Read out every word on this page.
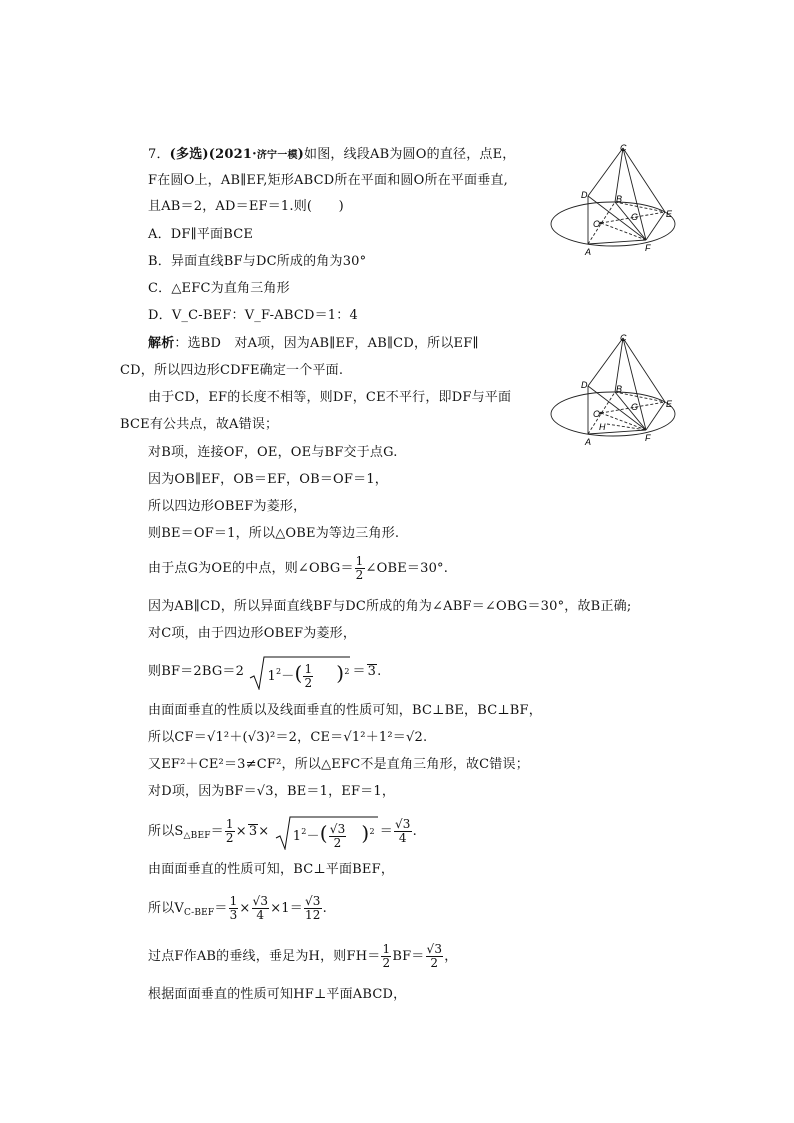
7．(多选)(2021·济宁一模)如图，线段AB为圆O的直径，点E，
F在圆O上，AB∥EF,矩形ABCD所在平面和圆O所在平面垂直,
且AB＝2，AD＝EF＝1.则(　　)
A．DF∥平面BCE
B．异面直线BF与DC所成的角为30°
C．△EFC为直角三角形
D．V_C-BEF：V_F-ABCD＝1：4
C
D	B
O
G	E
A	F
C
D	B
O
G	E
H
A	F
解析：选BD　对A项，因为AB∥EF，AB∥CD，所以EF∥
CD，所以四边形CDFE确定一个平面.
由于CD，EF的长度不相等，则DF，CE不平行，即DF与平面
BCE有公共点，故A错误；
对B项，连接OF，OE，OE与BF交于点G.
因为OB∥EF，OB＝EF，OB＝OF＝1，
所以四边形OBEF为菱形，
则BE＝OF＝1，所以△OBE为等边三角形.
由于点G为OE的中点，则∠OBG＝ $\frac{1}{2}$ ∠OBE＝30°.
因为AB∥CD，所以异面直线BF与DC所成的角为∠ABF＝∠OBG＝30°，故B正确;
对C项，由于四边形OBEF为菱形，
则BF＝2BG＝2 $1^2-( \frac{1}{2} )^2 = 3$.
由面面垂直的性质以及线面垂直的性质可知，BC⊥BE，BC⊥BF，
所以CF＝√1²＋(√3)²＝2，CE＝√1²＋1²＝√2.
又EF²＋CE²＝3≠CF²，所以△EFC不是直角三角形，故C错误；
对D项，因为BF＝√3，BE＝1，EF＝1，
所以$S_{\triangle BEF}= \frac{1}{2} \times 3\times 1^2-( \frac{√3}{2} )^2 = \frac{√3}{4}$ .
由面面垂直的性质可知，BC⊥平面BEF，
所以$V_{C-BEF}= \frac{1}{3} \times \frac{√3}{4} \times 1= \frac{√3}{12}$ .
过点F作AB的垂线，垂足为H，则$FH= \frac{1}{2} BF= \frac{√3}{2}$ ，
根据面面垂直的性质可知HF⊥平面ABCD，
